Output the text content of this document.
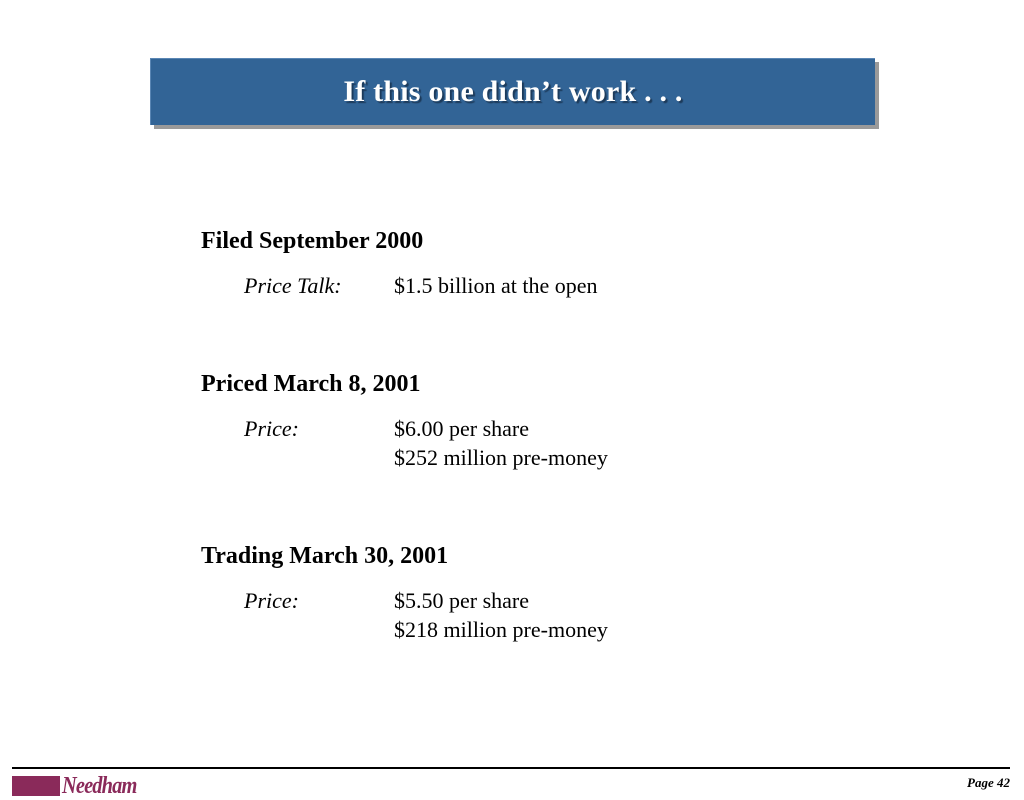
If this one didn’t work . . .
Filed September 2000
Price Talk: $1.5 billion at the open
Priced March 8, 2001
Price:	$6.00 per share
$252 million pre-money
Trading March 30, 2001
Price:	$5.50 per share
$218 million pre-money
Needham	Page 42
